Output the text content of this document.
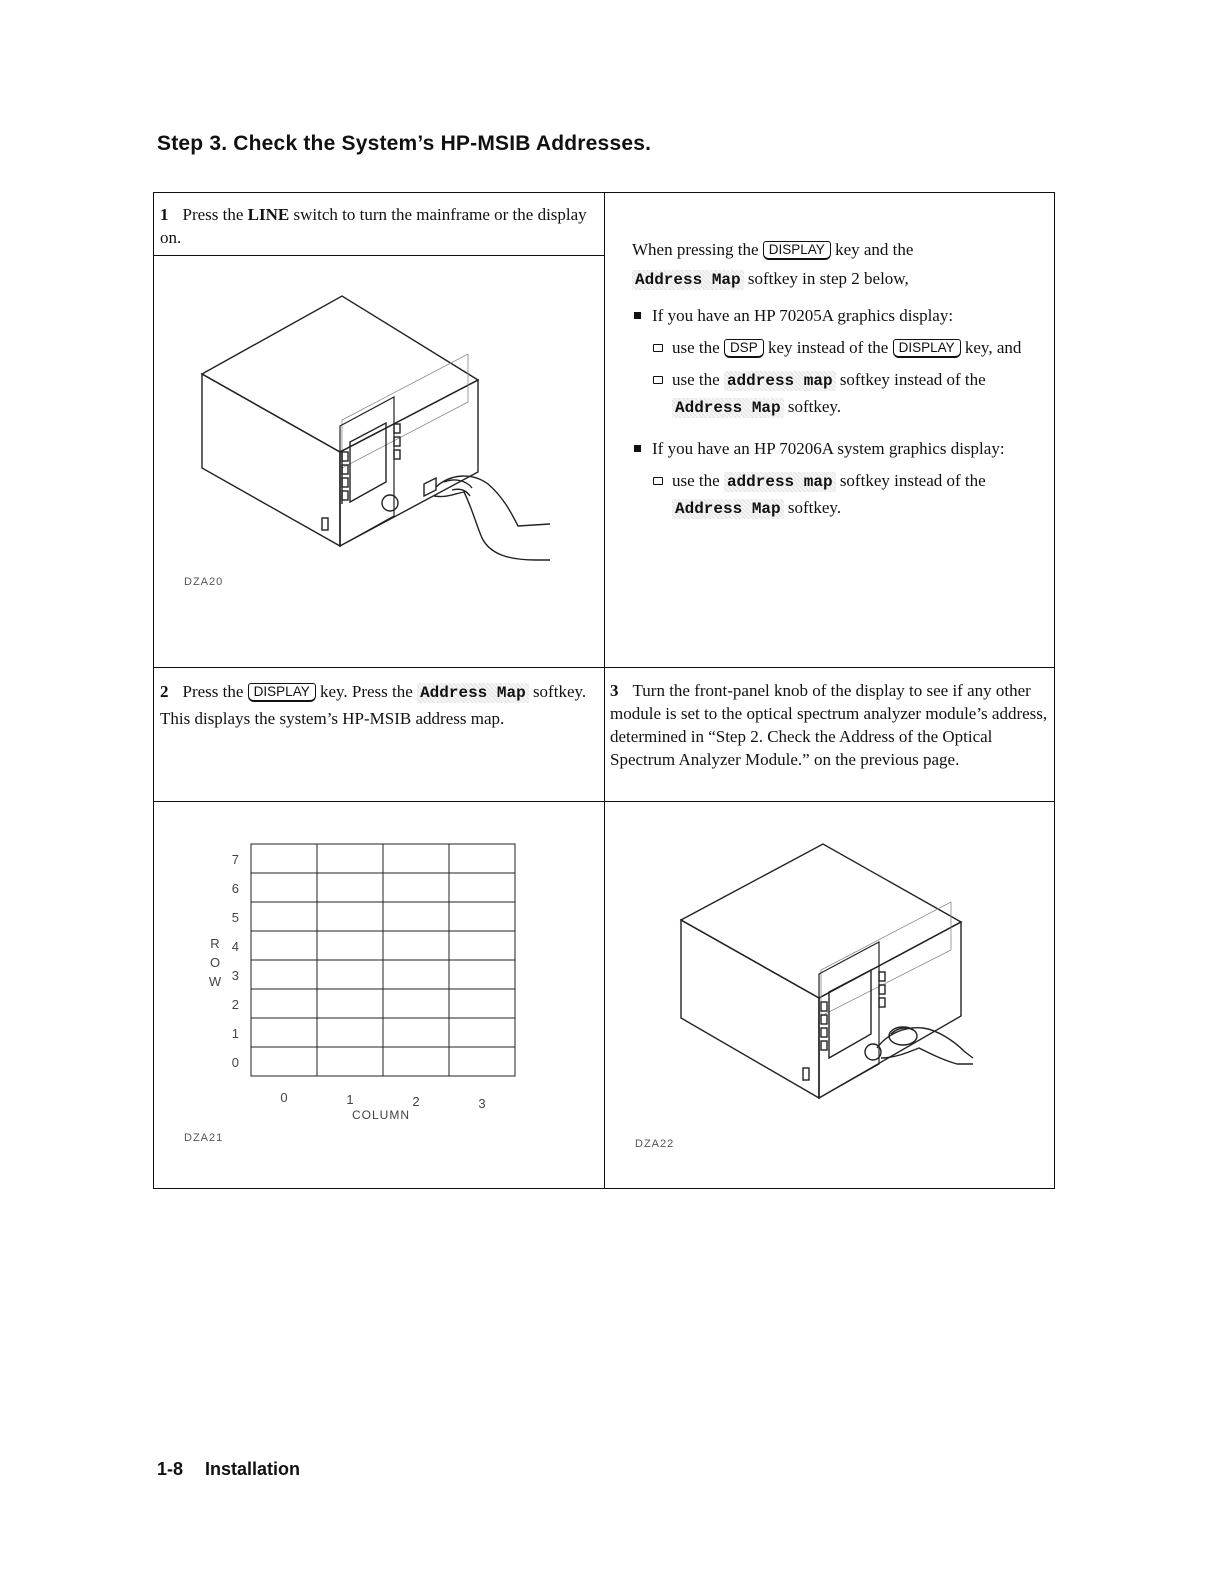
Step 3. Check the System’s HP-MSIB Addresses.
1 Press the LINE switch to turn the mainframe or the display on.
DZA20
When pressing the DISPLAY key and the
Address Map softkey in step 2 below,
If you have an HP 70205A graphics display:
use the DSP key instead of the DISPLAY key, and
use the address map softkey instead of the Address Map softkey.
If you have an HP 70206A system graphics display:
use the address map softkey instead of the Address Map softkey.
2 Press the DISPLAY key. Press the Address Map softkey. This displays the system’s HP-MSIB address map.
3 Turn the front-panel knob of the display to see if any other module is set to the optical spectrum analyzer module’s address, determined in “Step 2. Check the Address of the Optical Spectrum Analyzer Module.” on the previous page.
7
6
5
4
3
2
1
0
R
O
W
0	1	2	3
COLUMN
DZA21	DZA22
1-8 Installation
